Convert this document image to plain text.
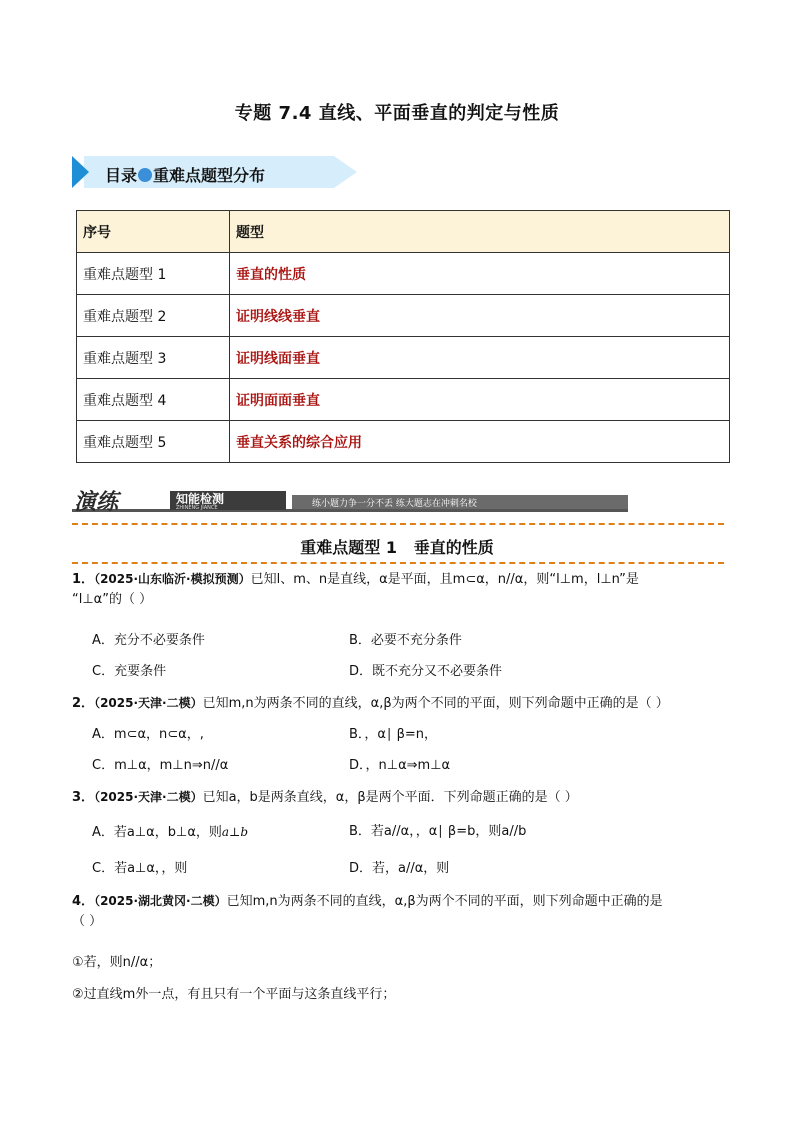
专题 7.4 直线、平面垂直的判定与性质
目录 重难点题型分布
序号	题型
重难点题型 1	垂直的性质
重难点题型 2	证明线线垂直
重难点题型 3	证明线面垂直
重难点题型 4	证明面面垂直
重难点题型 5	垂直关系的综合应用
演练	知能检测
ZHINENG JIANCE	练小题力争一分不丢 练大题志在冲刺名校
重难点题型 1 垂直的性质
1．（2025·山东临沂·模拟预测）已知l、m、n是直线，α是平面，且m⊂α，n//α，则“l⊥m，l⊥n”是
“l⊥α”的（ ）
A．充分不必要条件	B．必要不充分条件
C．充要条件	D．既不充分又不必要条件
2．（2025·天津·二模）已知m,n为两条不同的直线，α,β为两个不同的平面，则下列命题中正确的是（ ）
A．m⊂α，n⊂α，,	B．，α∣ β=n，
C．m⊥α，m⊥n⇒n//α	D．，n⊥α⇒m⊥α
3．（2025·天津·二模）已知a，b是两条直线，α，β是两个平面．下列命题正确的是（ ）
A．若a⊥α，b⊥α，则a⊥b	B．若a//α，，α∣ β=b，则a//b
C．若a⊥α，，则	D．若，a//α，则
4．（2025·湖北黄冈·二模）已知m,n为两条不同的直线，α,β为两个不同的平面，则下列命题中正确的是
（ ）
①若，则n//α；
②过直线m外一点，有且只有一个平面与这条直线平行；
